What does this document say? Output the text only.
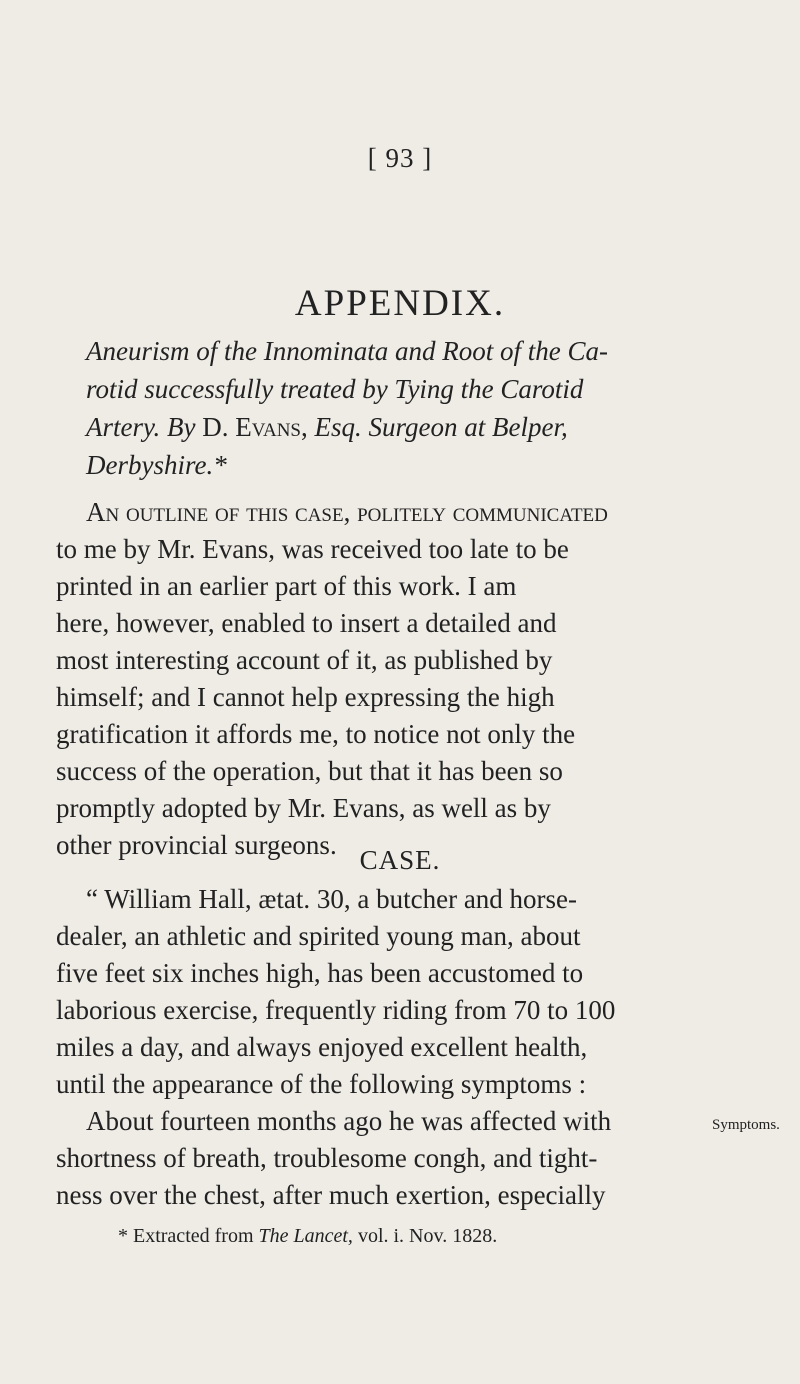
[ 93 ]
APPENDIX.
Aneurism of the Innominata and Root of the Ca-
rotid successfully treated by Tying the Carotid
Artery. By D. Evans, Esq. Surgeon at Belper,
Derbyshire.*
An outline of this case, politely communicated
to me by Mr. Evans, was received too late to be
printed in an earlier part of this work. I am
here, however, enabled to insert a detailed and
most interesting account of it, as published by
himself; and I cannot help expressing the high
gratification it affords me, to notice not only the
success of the operation, but that it has been so
promptly adopted by Mr. Evans, as well as by
other provincial surgeons. CASE.
“ William Hall, ætat. 30, a butcher and horse-
dealer, an athletic and spirited young man, about
five feet six inches high, has been accustomed to
laborious exercise, frequently riding from 70 to 100
miles a day, and always enjoyed excellent health,
until the appearance of the following symptoms :
About fourteen months ago he was affected with
shortness of breath, troublesome congh, and tight-
ness over the chest, after much exertion, especially
Symptoms.
* Extracted from The Lancet, vol. i. Nov. 1828.
